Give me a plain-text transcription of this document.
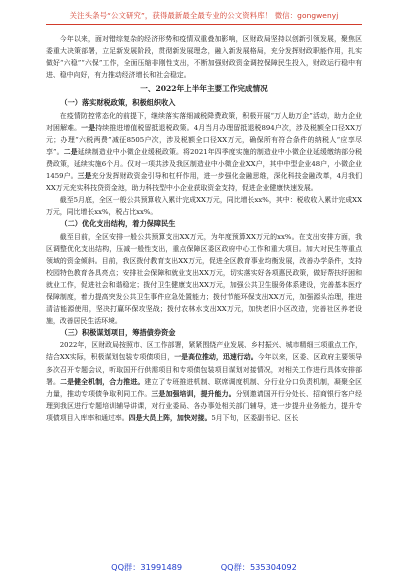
关注头条号“公文研究”，获得最新最全最专业的公文资料库！ 微信：gongwenyj

今年以来，面对错综复杂的经济形势和疫情双重叠加影响，区财政局坚持以创新引领发展，聚焦区委重大决策部署，立足新发展阶段，贯彻新发展理念，融入新发展格局，充分发挥财政职能作用，扎实做好“六稳”“六保”工作，全面压缩非刚性支出，不断加强财政资金调控保障民生投入，财政运行稳中有进、稳中向好，有力推动经济增长和社会稳定。

一、2022年上半年主要工作完成情况

（一）落实财税政策，积极组织收入

在疫情防控常态化的前提下，继续落实落细减税降费政策，积极开展“万人助万企”活动，助力企业对困解难。一是持续推进增值税留抵退税政策。4月当月办理留抵退税894户次，涉及税额全口径XX万元；办理“六税两费”减征8505户次，涉及税额全口径XX万元，确保所有符合条件的纳税人“应享尽享”。二是延续制造业中小微企业缓税政策。将2021年四季度实施的制造业中小微企业延缓缴纳部分税费政策，延续实施6个月。仅对一项共涉及我区制造业中小微企业XX户，其中中型企业48户，小微企业1459户。三是充分发挥财政资金引导和杠杆作用，进一步强化金融思维，深化科技金融改革，4月我们XX万元充实科技贷资金池，助力科技型中小企业获取资金支持，促进企业健康快速发展。

截至5月底，全区一般公共预算收入累计完成XX万元，同比增长xx%，其中：税收收入累计完成XX万元，同比增长xx%，税占比xx%。

（二）优化支出结构，着力保障民生

截至目前，全区安排一般公共预算支出XX万元，为年度预算XX万元的xx%。在支出安排方面，我区调整优化支出结构，压减一般性支出，重点保障区委区政府中心工作和重大项目。加大对民生等重点领域的资金倾斜。目前，我区拨付教育支出XX万元，促进全区教育事业均衡发展，改善办学条件，支持校园特色教育各具亮点；安排社会保障和就业支出XX万元，切实落实好各项惠民政策，做好帮扶纾困和就业工作，促进社会和谐稳定；拨付卫生健康支出XX万元，加强公共卫生服务体系建设，完善基本医疗保障制度，着力提高突发公共卫生事件应急处置能力；拨付节能环保支出XX万元，加强源头治理，推进清洁能源使用，坚决打赢环保攻坚战；拨付农林水支出XX万元，加快老旧小区改造，完善社区养老设施，改善居民生活环境。

（三）积极谋划项目，筹措债券资金

2022年，区财政局按照市、区工作部署，紧紧围绕产业发展、乡村振兴、城市精细三项重点工作，结合XX实际，积极谋划包装专项债项目，一是高位推动，迅速行动。今年以来，区委、区政府主要领导多次召开专题会议，听取国开行供需项目和专项债包装项目谋划对接情况，对相关工作进行具体安排部署。二是健全机制，合力推进。建立了专班推进机制、联席调度机制、分行业分口负责机制，凝聚全区力量，推动专项债争取利同工作。三是加强培训，提升能力。分别邀请国开行分处长、招商银行客户经理到我区进行专题培训辅导讲课，对行业委局、各办事处相关部门辅导，进一步提升业务能力，提升专项债项目入库率和通过率。四是大员上阵，加快对接。5月下旬，区委副书记、区长

QQ群：31991489	QQ群：535304092
